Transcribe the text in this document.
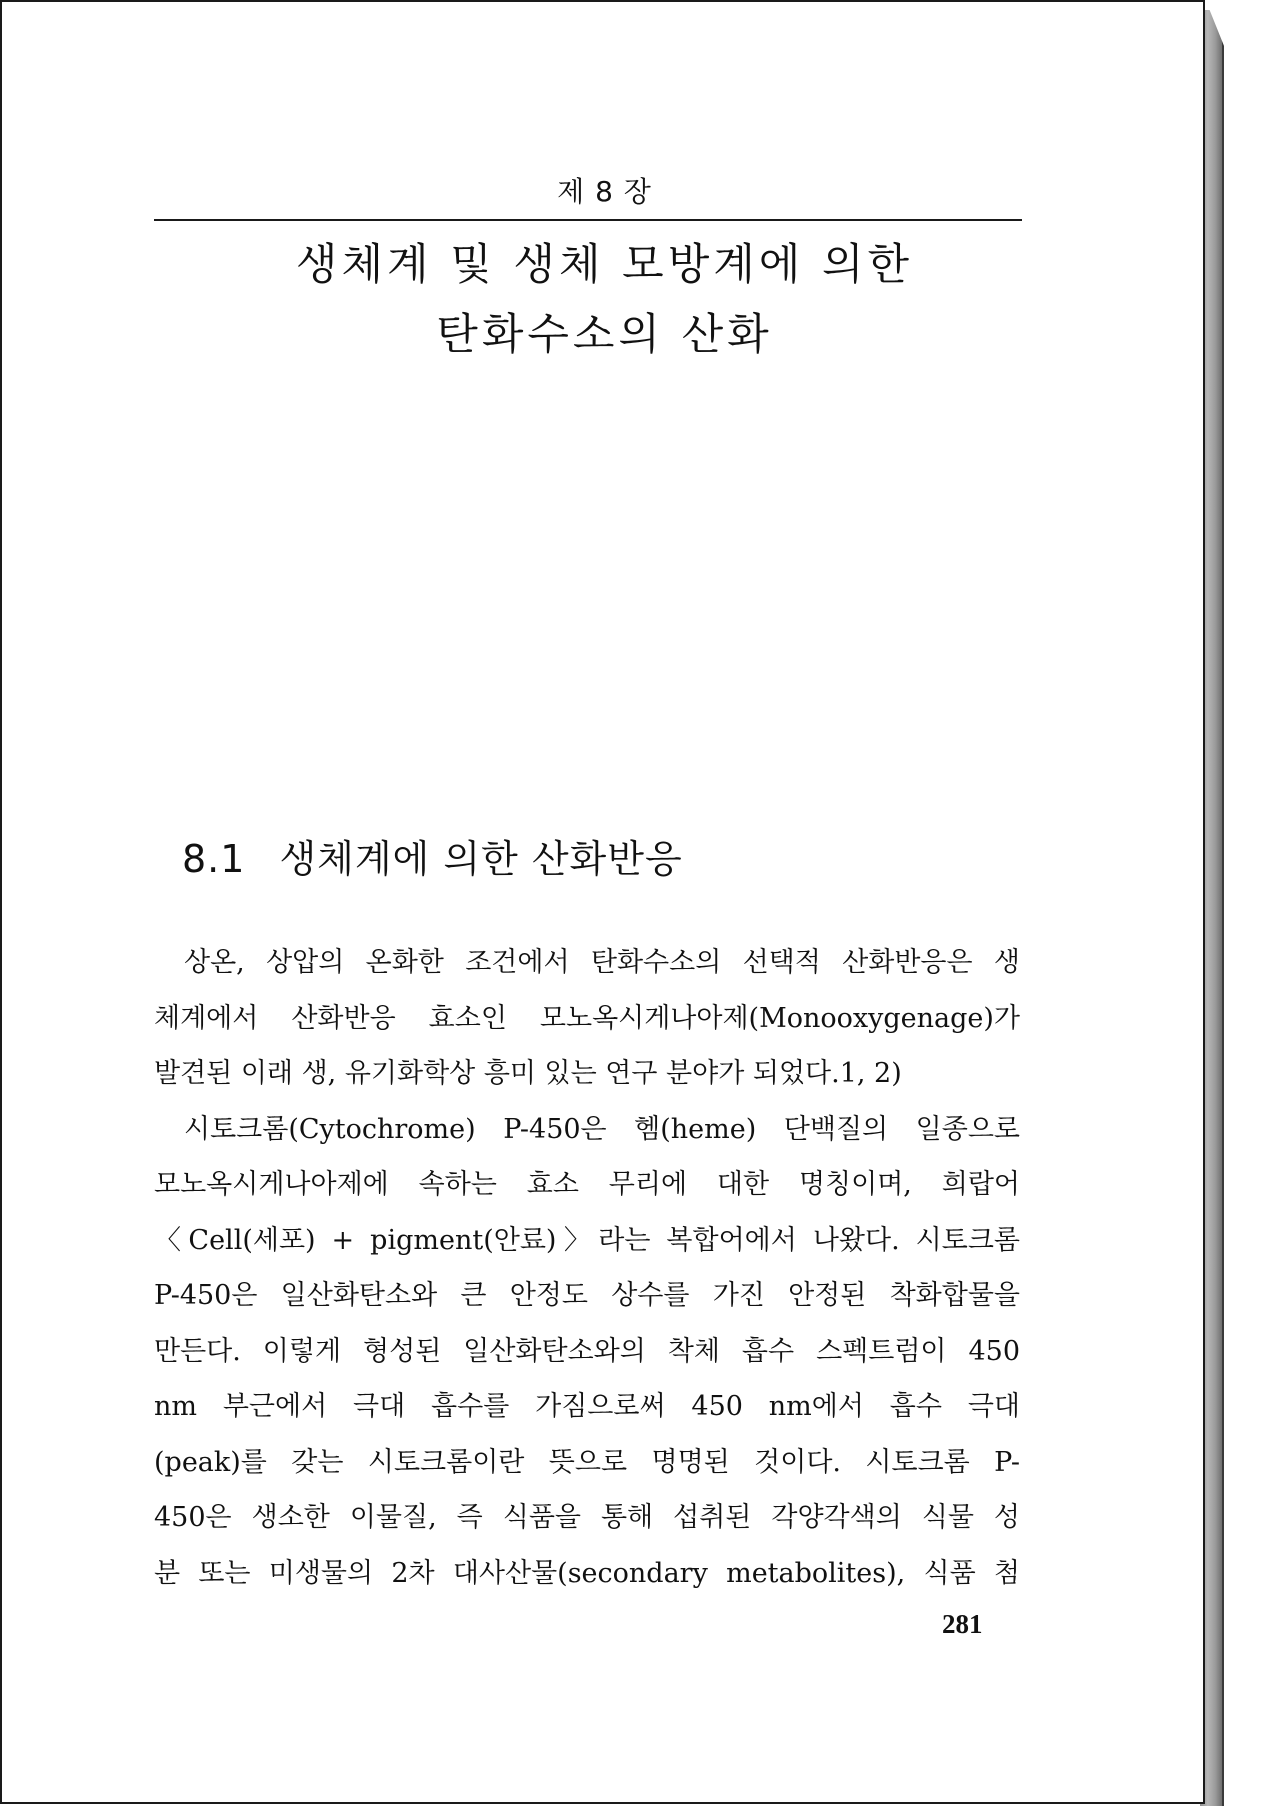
제 8 장
생체계 및 생체 모방계에 의한
탄화수소의 산화
8.1 생체계에 의한 산화반응
상온, 상압의 온화한 조건에서 탄화수소의 선택적 산화반응은 생
체계에서 산화반응 효소인 모노옥시게나아제(Monooxygenage)가
발견된 이래 생, 유기화학상 흥미 있는 연구 분야가 되었다.1, 2)
시토크롬(Cytochrome) P-450은 헴(heme) 단백질의 일종으로
모노옥시게나아제에 속하는 효소 무리에 대한 명칭이며, 희랍어
〈Cell(세포) + pigment(안료)〉라는 복합어에서 나왔다. 시토크롬
P-450은 일산화탄소와 큰 안정도 상수를 가진 안정된 착화합물을
만든다. 이렇게 형성된 일산화탄소와의 착체 흡수 스펙트럼이 450
nm 부근에서 극대 흡수를 가짐으로써 450 nm에서 흡수 극대
(peak)를 갖는 시토크롬이란 뜻으로 명명된 것이다. 시토크롬 P-
450은 생소한 이물질, 즉 식품을 통해 섭취된 각양각색의 식물 성
분 또는 미생물의 2차 대사산물(secondary metabolites), 식품 첨
281
